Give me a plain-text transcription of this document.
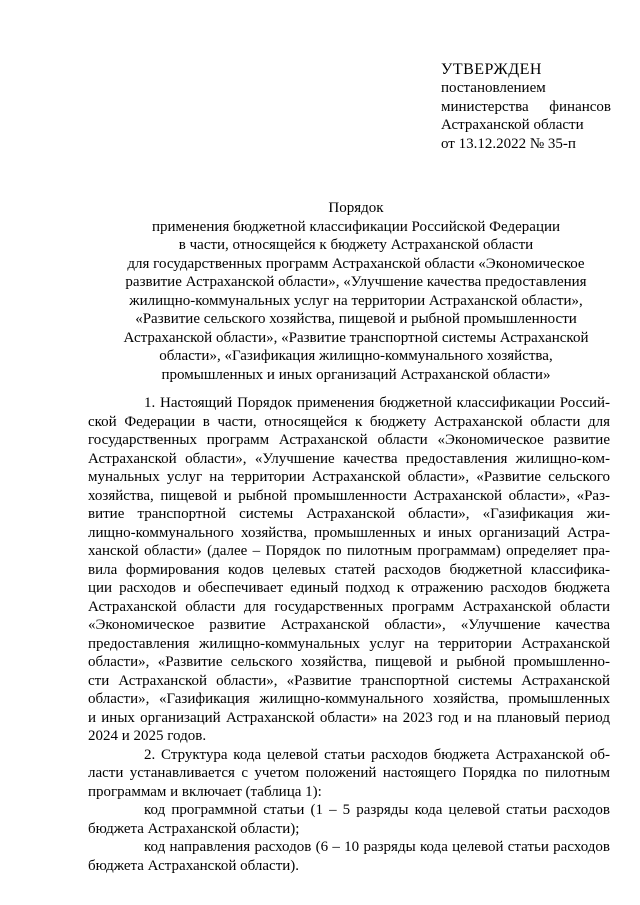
УТВЕРЖДЕН
постановлением
министерства финансов
Астраханской области
от 13.12.2022 № 35-п
Порядок
применения бюджетной классификации Российской Федерации
в части, относящейся к бюджету Астраханской области
для государственных программ Астраханской области «Экономическое
развитие Астраханской области», «Улучшение качества предоставления
жилищно-коммунальных услуг на территории Астраханской области»,
«Развитие сельского хозяйства, пищевой и рыбной промышленности
Астраханской области», «Развитие транспортной системы Астраханской
области», «Газификация жилищно-коммунального хозяйства,
промышленных и иных организаций Астраханской области»
1. Настоящий Порядок применения бюджетной классификации Россий-
ской Федерации в части, относящейся к бюджету Астраханской области для
государственных программ Астраханской области «Экономическое развитие
Астраханской области», «Улучшение качества предоставления жилищно-ком-
мунальных услуг на территории Астраханской области», «Развитие сельского
хозяйства, пищевой и рыбной промышленности Астраханской области», «Раз-
витие транспортной системы Астраханской области», «Газификация жи-
лищно-коммунального хозяйства, промышленных и иных организаций Астра-
ханской области» (далее – Порядок по пилотным программам) определяет пра-
вила формирования кодов целевых статей расходов бюджетной классифика-
ции расходов и обеспечивает единый подход к отражению расходов бюджета
Астраханской области для государственных программ Астраханской области
«Экономическое развитие Астраханской области», «Улучшение качества
предоставления жилищно-коммунальных услуг на территории Астраханской
области», «Развитие сельского хозяйства, пищевой и рыбной промышленно-
сти Астраханской области», «Развитие транспортной системы Астраханской
области», «Газификация жилищно-коммунального хозяйства, промышленных
и иных организаций Астраханской области» на 2023 год и на плановый период
2024 и 2025 годов.
2. Структура кода целевой статьи расходов бюджета Астраханской об-
ласти устанавливается с учетом положений настоящего Порядка по пилотным
программам и включает (таблица 1):
код программной статьи (1 – 5 разряды кода целевой статьи расходов
бюджета Астраханской области);
код направления расходов (6 – 10 разряды кода целевой статьи расходов
бюджета Астраханской области).
